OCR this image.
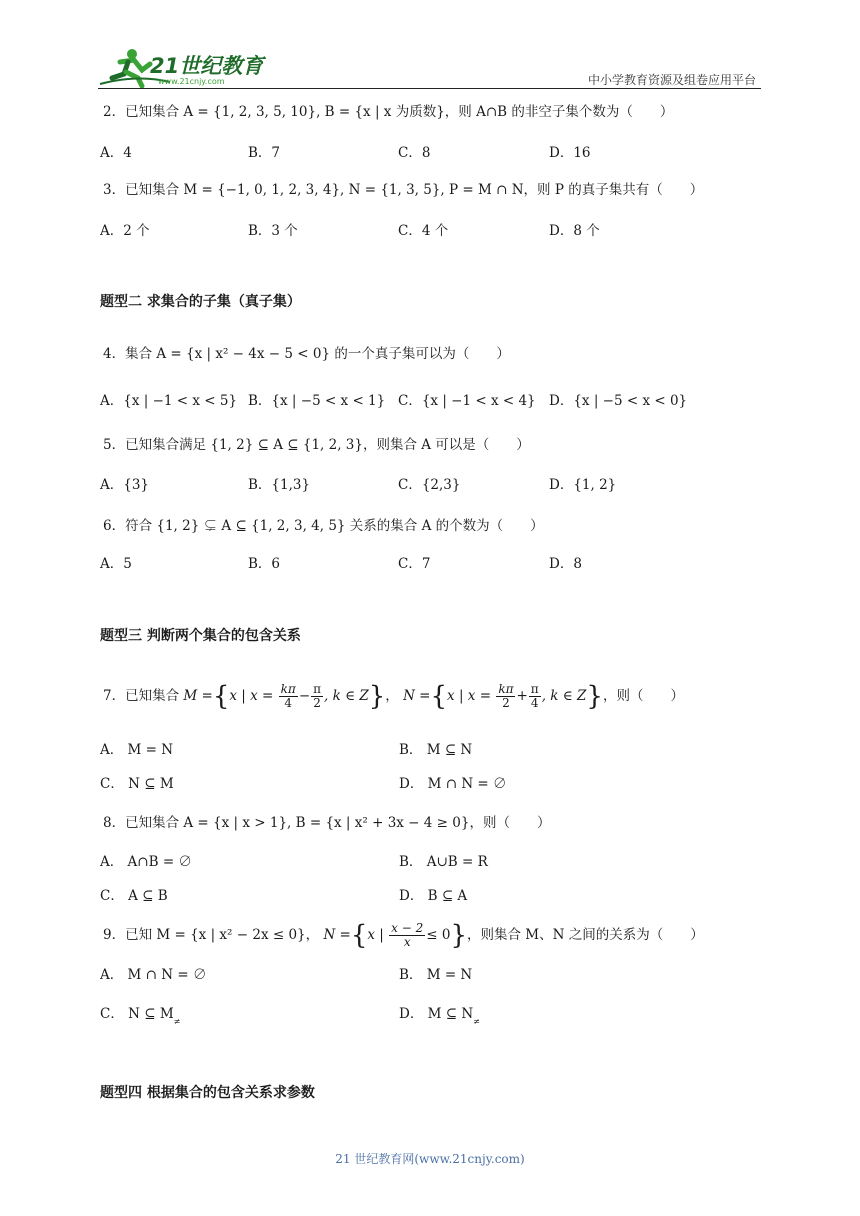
21世纪教育
www.21cnjy.com	中小学教育资源及组卷应用平台
2．已知集合 A = {1, 2, 3, 5, 10}, B = {x | x 为质数}，则 A∩B 的非空子集个数为（　　）
A．4	B．7	C．8	D．16
3．已知集合 M = {−1, 0, 1, 2, 3, 4}, N = {1, 3, 5}, P = M ∩ N，则 P 的真子集共有（　　）
A．2 个	B．3 个	C．4 个	D．8 个
题型二 求集合的子集（真子集）
4．集合 A = {x | x² − 4x − 5 < 0} 的一个真子集可以为（　　）
A．{x | −1 < x < 5} B．{x | −5 < x < 1} C．{x | −1 < x < 4} D．{x | −5 < x < 0}
5．已知集合满足 {1, 2} ⊆ A ⊆ {1, 2, 3}，则集合 A 可以是（　　）
A．{3}	B．{1,3}	C．{2,3}	D．{1, 2}
6．符合 {1, 2} ⊊ A ⊆ {1, 2, 3, 4, 5} 关系的集合 A 的个数为（　　）
A．5	B．6	C．7	D．8
题型三 判断两个集合的包含关系
7．已知集合 M ={x | $x = \frac{k\pi}{4} - \frac{\pi}{2}$ , k ∈ Z}， N ={x | $x = \frac{k\pi}{2} + \frac{\pi}{4}$ , k ∈ Z}，则（　　）
A． M = N	B． M ⊆ N
C． N ⊆ M	D． M ∩ N = ∅
8．已知集合 A = {x | x > 1}, B = {x | x² + 3x − 4 ≥ 0}，则（　　）
A． A∩B = ∅	B． A∪B = R
C． A ⊆ B	D． B ⊆ A
9．已知 M = {x | x² − 2x ≤ 0}， N ={x | $\frac{x - 2}{x} \le 0$}，则集合 M、N 之间的关系为（　　）
A． M ∩ N = ∅	B． M = N
C． N ⊆ $M_\ne$	D． M ⊆ $N_\ne$
题型四 根据集合的包含关系求参数
21 世纪教育网(www.21cnjy.com)
